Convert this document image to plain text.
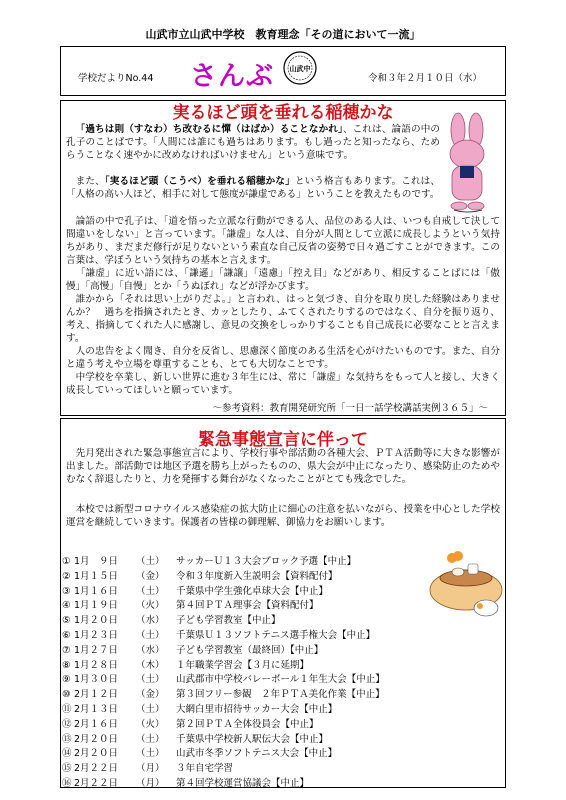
山武市立山武中学校　教育理念「その道において一流」
学校だよりNo.44 さんぶ 山武中
令和３年２月１０日（水）
実るほど頭を垂れる稲穂かな
「過ちは則（すなわ）ち改むるに憚（はばか）ることなかれ」、これは、論語の中の孔子のことばです。「人間には誰にも過ちはあります。もし過ったと知ったなら、ためらうことなく速やかに改めなければいけません」という意味です。
また、「実るほど頭（こうべ）を垂れる稲穂かな」という格言もあります。これは、「人格の高い人ほど、相手に対して態度が謙虚である」ということを教えたものです。
論語の中で孔子は、「道を悟った立派な行動ができる人、品位のある人は、いつも自戒して決して間違いをしない」と言っています。「謙虚」な人は、自分が人間として立派に成長しようという気持ちがあり、まだまだ修行が足りないという素直な自己反省の姿勢で日々過ごすことができます。この言葉は、学ぼうという気持ちの基本と言えます。
「謙虚」に近い語には、「謙遜」「謙譲」「遠慮」「控え目」などがあり、相反することばには「傲慢」「高慢」「自慢」とか「うぬぼれ」などが浮かびます。
誰かから「それは思い上がりだよ。」と言われ、はっと気づき、自分を取り戻した経験はありませんか？　過ちを指摘されたとき、カッとしたり、ふてくされたりするのではなく、自分を振り返り、考え、指摘してくれた人に感謝し、意見の交換をしっかりすることも自己成長に必要なことと言えます。
人の忠告をよく聞き、自分を反省し、思慮深く節度のある生活を心がけたいものです。また、自分と違う考えや立場を尊重することも、とても大切なことです。
中学校を卒業し、新しい世界に進む３年生には、常に「謙虚」な気持ちをもって人と接し、大きく成長していってほしいと願っています。
～参考資料：教育開発研究所「一日一話学校講話実例３６５」～
緊急事態宣言に伴って
先月発出された緊急事態宣言により、学校行事や部活動の各種大会、ＰＴＡ活動等に大きな影響が出ました。部活動では地区予選を勝ち上がったものの、県大会が中止になったり、感染防止のためやむなく辞退したりと、力を発揮する舞台がなくなったことがとても残念でした。
本校では新型コロナウイルス感染症の拡大防止に細心の注意を払いながら、授業を中心とした学校運営を継続していきます。保護者の皆様の御理解、御協力をお願いします。
① 1月　９日 （土） サッカーＵ１３大会ブロック予選【中止】
② 1月１５日 （金） 令和３年度新入生説明会【資料配付】
③ 1月１６日 （土） 千葉県中学生強化卓球大会【中止】
④ 1月１９日 （火） 第４回ＰＴＡ理事会【資料配付】
⑤ 1月２０日 （水） 子ども学習教室【中止】
⑥ 1月２３日 （土） 千葉県Ｕ１３ソフトテニス選手権大会【中止】
⑦ 1月２７日 （水） 子ども学習教室（最終回）【中止】
⑧ 1月２８日 （木） １年職業学習会【３月に延期】
⑨ 1月３０日 （土） 山武郡市中学校バレーボール１年生大会【中止】
⑩ 2月１２日 （金） 第３回フリー参観　２年ＰＴＡ美化作業【中止】
⑪ 2月１３日 （土） 大網白里市招待サッカー大会【中止】
⑫ 2月１６日 （火） 第２回ＰＴＡ全体役員会【中止】
⑬ 2月２０日 （土） 千葉県中学校新人駅伝大会【中止】
⑭ 2月２０日 （土） 山武市冬季ソフトテニス大会【中止】
⑮ 2月２２日 （月） ３年自宅学習
⑯ 2月２２日 （月） 第４回学校運営協議会【中止】
